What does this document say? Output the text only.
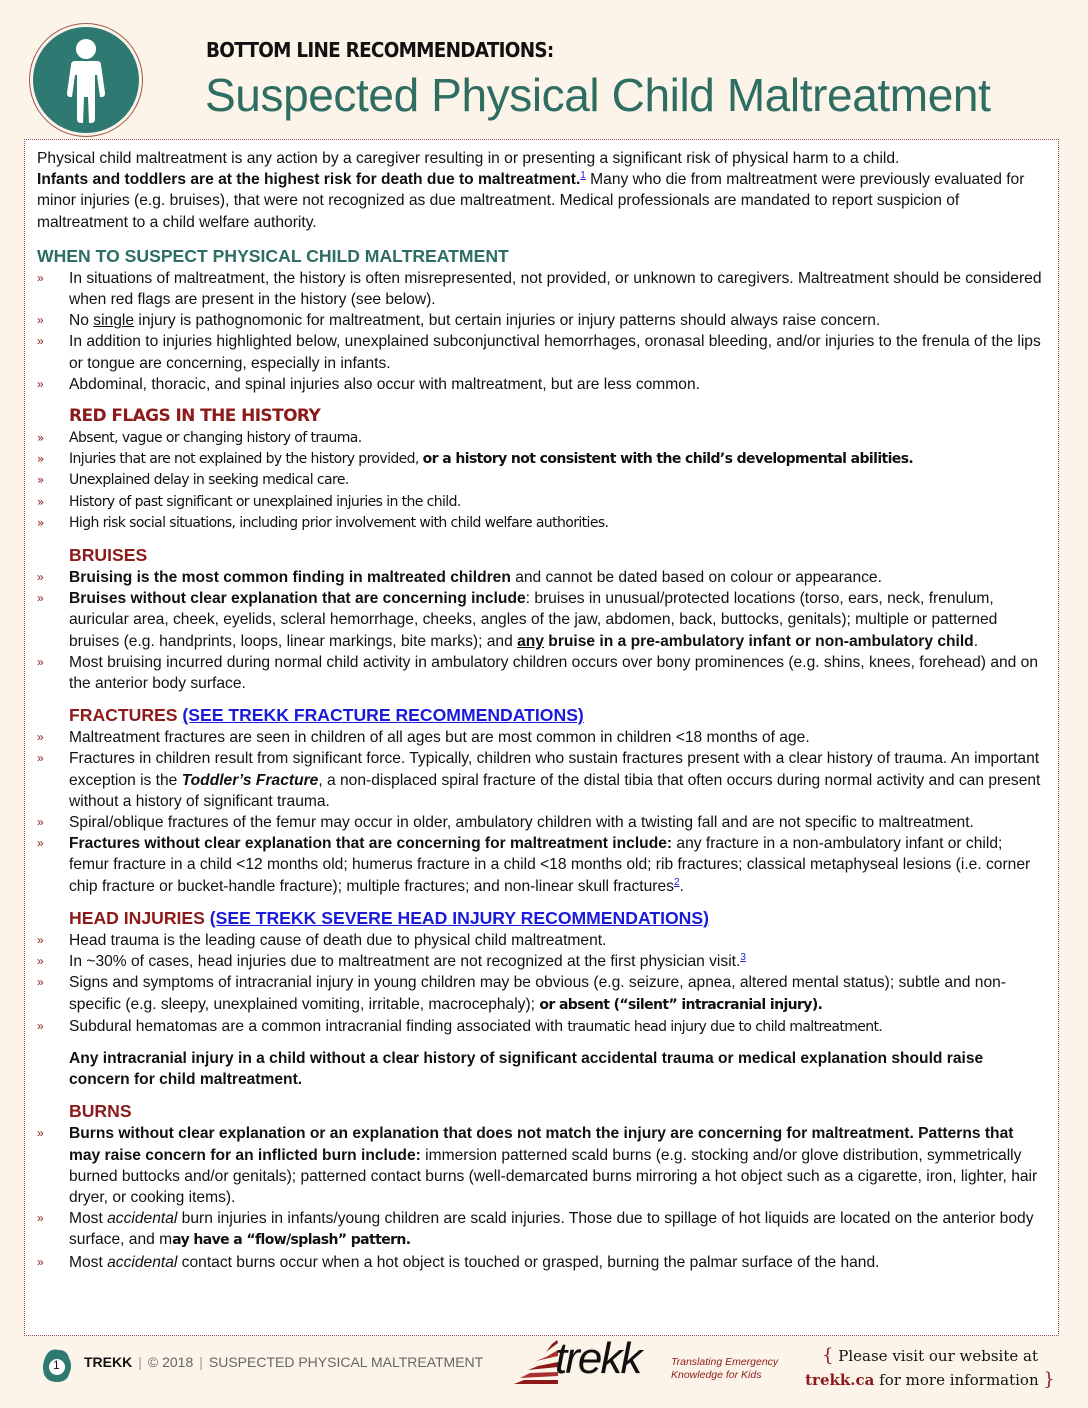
BOTTOM LINE RECOMMENDATIONS:
Suspected Physical Child Maltreatment

Physical child maltreatment is any action by a caregiver resulting in or presenting a significant risk of physical harm to a child.
Infants and toddlers are at the highest risk for death due to maltreatment.$^1$ Many who die from maltreatment were previously evaluated for minor injuries (e.g. bruises), that were not recognized as due maltreatment. Medical professionals are mandated to report suspicion of maltreatment to a child welfare authority.

WHEN TO SUSPECT PHYSICAL CHILD MALTREATMENT
» In situations of maltreatment, the history is often misrepresented, not provided, or unknown to caregivers. Maltreatment should be considered when red flags are present in the history (see below).
» No single injury is pathognomonic for maltreatment, but certain injuries or injury patterns should always raise concern.
» In addition to injuries highlighted below, unexplained subconjunctival hemorrhages, oronasal bleeding, and/or injuries to the frenula of the lips or tongue are concerning, especially in infants.
» Abdominal, thoracic, and spinal injuries also occur with maltreatment, but are less common.
RED FLAGS IN THE HISTORY
» Absent, vague or changing history of trauma.
» Injuries that are not explained by the history provided, or a history not consistent with the child’s developmental abilities.
» Unexplained delay in seeking medical care.
» History of past significant or unexplained injuries in the child.
» High risk social situations, including prior involvement with child welfare authorities.
BRUISES
» Bruising is the most common finding in maltreated children and cannot be dated based on colour or appearance.
» Bruises without clear explanation that are concerning include: bruises in unusual/protected locations (torso, ears, neck, frenulum, auricular area, cheek, eyelids, scleral hemorrhage, cheeks, angles of the jaw, abdomen, back, buttocks, genitals); multiple or patterned bruises (e.g. handprints, loops, linear markings, bite marks); and any bruise in a pre-ambulatory infant or non-ambulatory child.
» Most bruising incurred during normal child activity in ambulatory children occurs over bony prominences (e.g. shins, knees, forehead) and on the anterior body surface.
FRACTURES (SEE TREKK FRACTURE RECOMMENDATIONS)
» Maltreatment fractures are seen in children of all ages but are most common in children <18 months of age.
» Fractures in children result from significant force. Typically, children who sustain fractures present with a clear history of trauma. An important exception is the Toddler’s Fracture, a non-displaced spiral fracture of the distal tibia that often occurs during normal activity and can present without a history of significant trauma.
» Spiral/oblique fractures of the femur may occur in older, ambulatory children with a twisting fall and are not specific to maltreatment.
» Fractures without clear explanation that are concerning for maltreatment include: any fracture in a non-ambulatory infant or child; femur fracture in a child <12 months old; humerus fracture in a child <18 months old; rib fractures; classical metaphyseal lesions (i.e. corner chip fracture or bucket-handle fracture); multiple fractures; and non-linear skull fractures$^2$.
HEAD INJURIES (SEE TREKK SEVERE HEAD INJURY RECOMMENDATIONS)
» Head trauma is the leading cause of death due to physical child maltreatment.
» In ~30% of cases, head injuries due to maltreatment are not recognized at the first physician visit.$^3$
» Signs and symptoms of intracranial injury in young children may be obvious (e.g. seizure, apnea, altered mental status); subtle and non-specific (e.g. sleepy, unexplained vomiting, irritable, macrocephaly); or absent (“silent” intracranial injury).
» Subdural hematomas are a common intracranial finding associated with traumatic head injury due to child maltreatment.

Any intracranial injury in a child without a clear history of significant accidental trauma or medical explanation should raise concern for child maltreatment.

BURNS
» Burns without clear explanation or an explanation that does not match the injury are concerning for maltreatment. Patterns that may raise concern for an inflicted burn include: immersion patterned scald burns (e.g. stocking and/or glove distribution, symmetrically burned buttocks and/or genitals); patterned contact burns (well-demarcated burns mirroring a hot object such as a cigarette, iron, lighter, hair dryer, or cooking items).
» Most accidental burn injuries in infants/young children are scald injuries. Those due to spillage of hot liquids are located on the anterior body surface, and may have a “flow/splash” pattern.
» Most accidental contact burns occur when a hot object is touched or grasped, burning the palmar surface of the hand.
1 TREKK | © 2018 | SUSPECTED PHYSICAL MALTREATMENT trekk	Translating Emergency
Knowledge for Kids
{ Please visit our website at
trekk.ca for more information }
